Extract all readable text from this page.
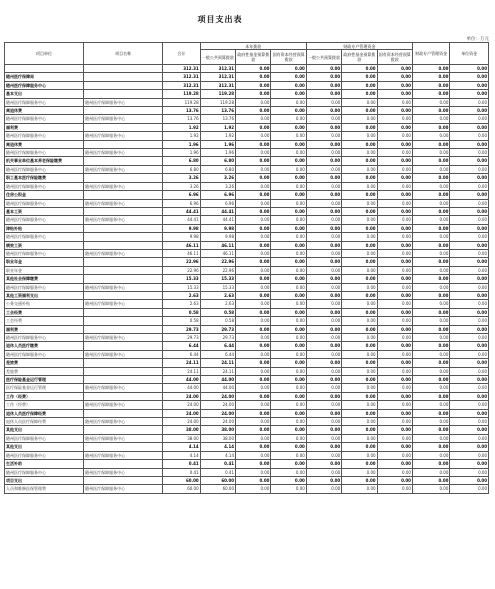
项目支出表
单位：万元
项目单位	项目名称	合计	本年拨款			财政专户管理资金			财政专户管理资金	单位资金
			一般公共预算拨款	政府性基金预算拨款	国有资本经营预算拨款	一般公共预算拨款	政府性基金预算拨款	国有资本经营预算拨款		
		312.31	312.31	0.00	0.00	0.00	0.00	0.00	0.00	0.00
随州医疗保障局		312.31	312.31	0.00	0.00	0.00	0.00	0.00	0.00	0.00
随州医疗保障服务中心		312.31	312.31	0.00	0.00	0.00	0.00	0.00	0.00	0.00
基本支出		119.28	119.28	0.00	0.00	0.00	0.00	0.00	0.00	0.00
随州医疗保障服务中心	随州医疗保障服务中心	119.28	119.28	0.00	0.00	0.00	0.00	0.00	0.00	0.00
离退休费		13.76	13.76	0.00	0.00	0.00	0.00	0.00	0.00	0.00
随州医疗保障服务中心	随州医疗保障服务中心	13.76	13.76	0.00	0.00	0.00	0.00	0.00	0.00	0.00
福利费		1.92	1.92	0.00	0.00	0.00	0.00	0.00	0.00	0.00
随州医疗保障服务中心	随州医疗保障服务中心	1.92	1.92	0.00	0.00	0.00	0.00	0.00	0.00	0.00
离退休费		1.96	1.96	0.00	0.00	0.00	0.00	0.00	0.00	0.00
随州医疗保障服务中心	随州医疗保障服务中心	1.96	1.96	0.00	0.00	0.00	0.00	0.00	0.00	0.00
机关事业单位基本养老保险缴费		6.80	6.80	0.00	0.00	0.00	0.00	0.00	0.00	0.00
随州医疗保障服务中心	随州医疗保障服务中心	6.80	6.80	0.00	0.00	0.00	0.00	0.00	0.00	0.00
职工基本医疗保险缴费		3.26	3.26	0.00	0.00	0.00	0.00	0.00	0.00	0.00
随州医疗保障服务中心	随州医疗保障服务中心	3.26	3.26	0.00	0.00	0.00	0.00	0.00	0.00	0.00
住房公积金		6.96	6.96	0.00	0.00	0.00	0.00	0.00	0.00	0.00
随州医疗保障服务中心	随州医疗保障服务中心	6.96	6.96	0.00	0.00	0.00	0.00	0.00	0.00	0.00
基本工资		44.41	44.41	0.00	0.00	0.00	0.00	0.00	0.00	0.00
随州医疗保障服务中心	随州医疗保障服务中心	44.41	44.41	0.00	0.00	0.00	0.00	0.00	0.00	0.00
津贴补贴		9.98	9.98	0.00	0.00	0.00	0.00	0.00	0.00	0.00
随州医疗保障服务中心		9.98	9.98	0.00	0.00	0.00	0.00	0.00	0.00	0.00
绩效工资		46.11	46.11	0.00	0.00	0.00	0.00	0.00	0.00	0.00
随州医疗保障服务中心	随州医疗保障服务中心	46.11	46.11	0.00	0.00	0.00	0.00	0.00	0.00	0.00
职业年金		22.96	22.96	0.00	0.00	0.00	0.00	0.00	0.00	0.00
职业年金		22.96	22.96	0.00	0.00	0.00	0.00	0.00	0.00	0.00
其他社会保障缴费		15.33	15.33	0.00	0.00	0.00	0.00	0.00	0.00	0.00
随州医疗保障服务中心	随州医疗保障服务中心	15.33	15.33	0.00	0.00	0.00	0.00	0.00	0.00	0.00
其他工资福利支出		2.63	2.63	0.00	0.00	0.00	0.00	0.00	0.00	0.00
公务交通补贴	随州医疗保障服务中心	2.63	2.63	0.00	0.00	0.00	0.00	0.00	0.00	0.00
工会经费		0.58	0.58	0.00	0.00	0.00	0.00	0.00	0.00	0.00
工会经费		0.58	0.58	0.00	0.00	0.00	0.00	0.00	0.00	0.00
福利费		29.73	29.73	0.00	0.00	0.00	0.00	0.00	0.00	0.00
随州医疗保障服务中心	随州医疗保障服务中心	29.73	29.73	0.00	0.00	0.00	0.00	0.00	0.00	0.00
退休人员医疗缴费		6.44	6.44	0.00	0.00	0.00	0.00	0.00	0.00	0.00
随州医疗保障服务中心	随州医疗保障服务中心	6.44	6.44	0.00	0.00	0.00	0.00	0.00	0.00	0.00
差旅费		24.11	24.11	0.00	0.00	0.00	0.00	0.00	0.00	0.00
差旅费		24.11	24.11	0.00	0.00	0.00	0.00	0.00	0.00	0.00
医疗保险基金运行管理		44.00	44.00	0.00	0.00	0.00	0.00	0.00	0.00	0.00
医疗保险基金运行管理	随州医疗保障服务中心	44.00	44.00	0.00	0.00	0.00	0.00	0.00	0.00	0.00
工作（经费）		24.00	24.00	0.00	0.00	0.00	0.00	0.00	0.00	0.00
工作（经费）	随州医疗保障服务中心	24.00	24.00	0.00	0.00	0.00	0.00	0.00	0.00	0.00
退休人员医疗保障经费		24.00	24.00	0.00	0.00	0.00	0.00	0.00	0.00	0.00
退休人员医疗保障经费	随州医疗保障服务中心	24.00	24.00	0.00	0.00	0.00	0.00	0.00	0.00	0.00
其他支出		38.00	38.00	0.00	0.00	0.00	0.00	0.00	0.00	0.00
随州医疗保障服务中心	随州医疗保障服务中心	38.00	38.00	0.00	0.00	0.00	0.00	0.00	0.00	0.00
其他支出		4.14	4.14	0.00	0.00	0.00	0.00	0.00	0.00	0.00
随州医疗保障服务中心	随州医疗保障服务中心	4.14	4.14	0.00	0.00	0.00	0.00	0.00	0.00	0.00
生活补助		0.41	0.41	0.00	0.00	0.00	0.00	0.00	0.00	0.00
随州医疗保障服务中心	随州医疗保障服务中心	0.41	0.41	0.00	0.00	0.00	0.00	0.00	0.00	0.00
项目支出		60.00	60.00	0.00	0.00	0.00	0.00	0.00	0.00	0.00
人员和维修医保管理费	随州医疗保障服务中心	60.00	60.00	0.00	0.00	0.00	0.00	0.00	0.00	0.00
